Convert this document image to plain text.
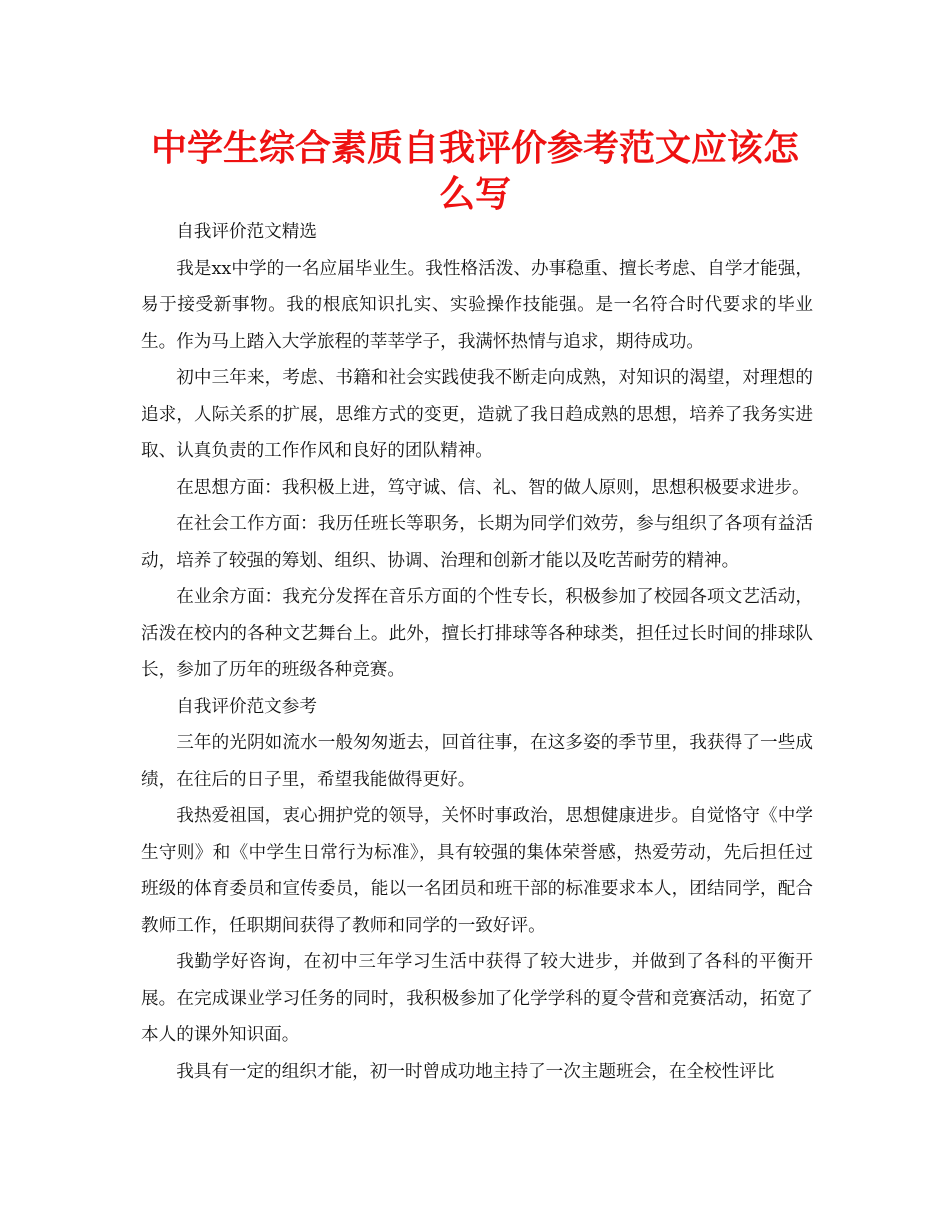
中学生综合素质自我评价参考范文应该怎么写

自我评价范文精选

我是xx中学的一名应届毕业生。我性格活泼、办事稳重、擅长考虑、自学才能强，易于接受新事物。我的根底知识扎实、实验操作技能强。是一名符合时代要求的毕业生。作为马上踏入大学旅程的莘莘学子，我满怀热情与追求，期待成功。

初中三年来，考虑、书籍和社会实践使我不断走向成熟，对知识的渴望，对理想的追求，人际关系的扩展，思维方式的变更，造就了我日趋成熟的思想，培养了我务实进取、认真负责的工作作风和良好的团队精神。

在思想方面：我积极上进，笃守诚、信、礼、智的做人原则，思想积极要求进步。

在社会工作方面：我历任班长等职务，长期为同学们效劳，参与组织了各项有益活动，培养了较强的筹划、组织、协调、治理和创新才能以及吃苦耐劳的精神。

在业余方面：我充分发挥在音乐方面的个性专长，积极参加了校园各项文艺活动，活泼在校内的各种文艺舞台上。此外，擅长打排球等各种球类，担任过长时间的排球队长，参加了历年的班级各种竞赛。

自我评价范文参考

三年的光阴如流水一般匆匆逝去，回首往事，在这多姿的季节里，我获得了一些成绩，在往后的日子里，希望我能做得更好。

我热爱祖国，衷心拥护党的领导，关怀时事政治，思想健康进步。自觉恪守《中学生守则》和《中学生日常行为标准》，具有较强的集体荣誉感，热爱劳动，先后担任过班级的体育委员和宣传委员，能以一名团员和班干部的标准要求本人，团结同学，配合教师工作，任职期间获得了教师和同学的一致好评。

我勤学好咨询，在初中三年学习生活中获得了较大进步，并做到了各科的平衡开展。在完成课业学习任务的同时，我积极参加了化学学科的夏令营和竞赛活动，拓宽了本人的课外知识面。

我具有一定的组织才能，初一时曾成功地主持了一次主题班会，在全校性评比
